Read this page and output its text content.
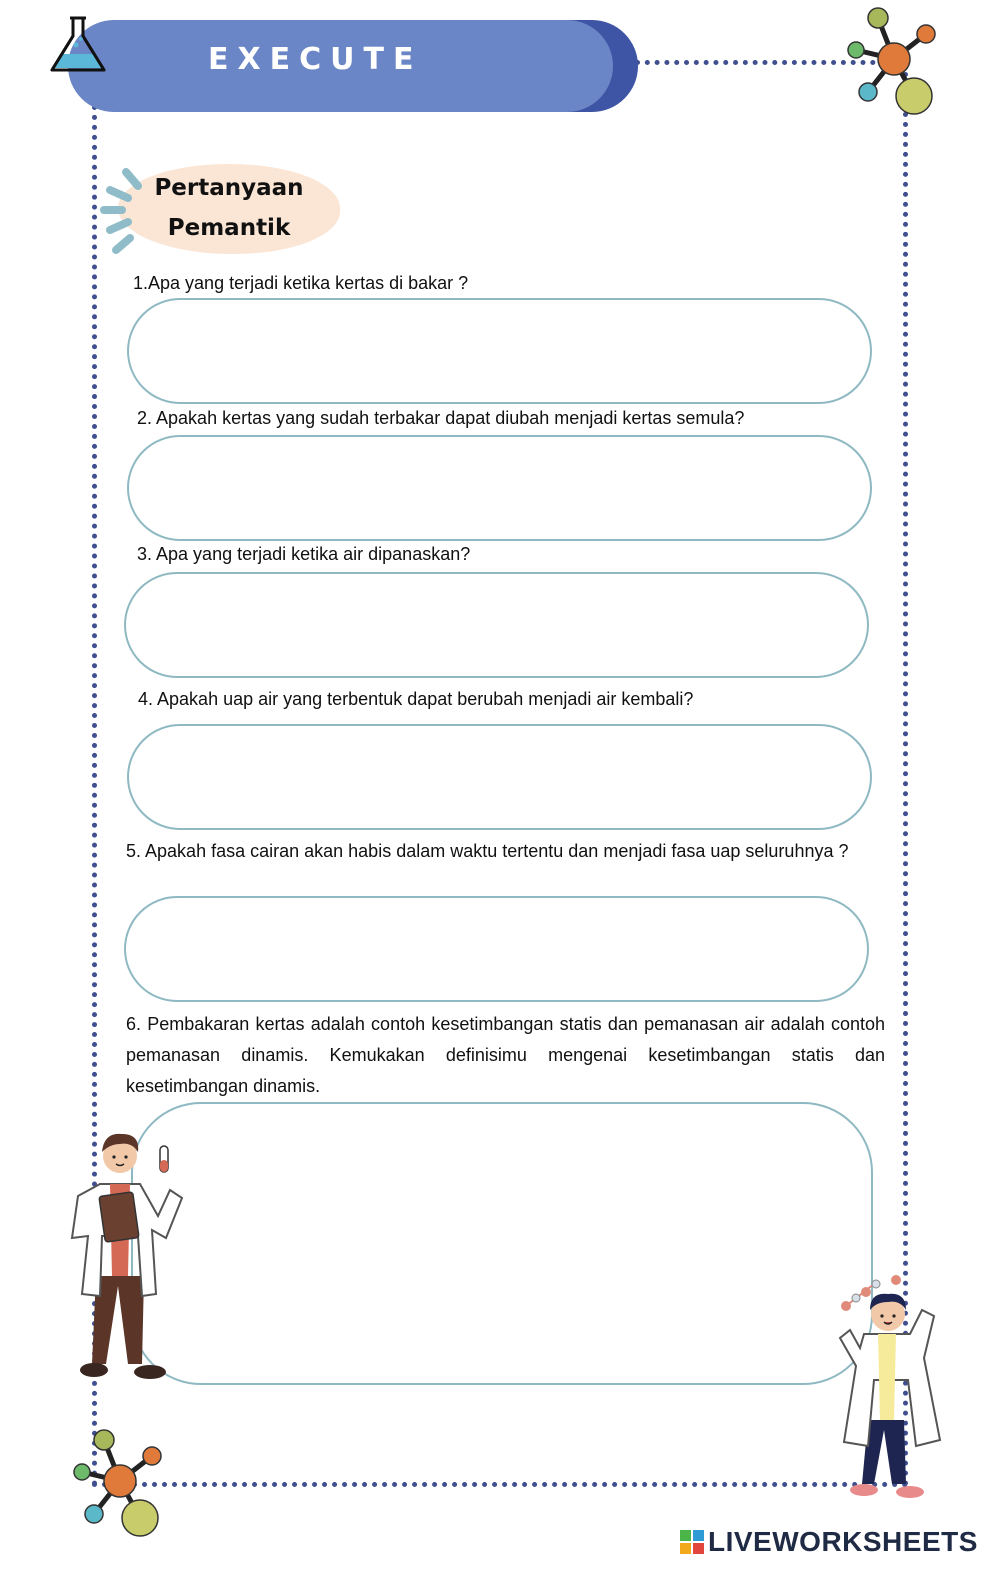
EXECUTE
Pertanyaan
Pemantik
1.Apa yang terjadi ketika kertas di bakar ?
2. Apakah kertas yang sudah terbakar dapat diubah menjadi kertas semula?
3. Apa yang terjadi ketika air dipanaskan?
4. Apakah uap air yang terbentuk dapat berubah menjadi air kembali?
5. Apakah fasa cairan akan habis dalam waktu tertentu dan menjadi fasa uap seluruhnya ?
6. Pembakaran kertas adalah contoh kesetimbangan statis dan pemanasan air adalah contoh pemanasan dinamis. Kemukakan definisimu mengenai kesetimbangan statis dan kesetimbangan dinamis.
LIVEWORKSHEETS
